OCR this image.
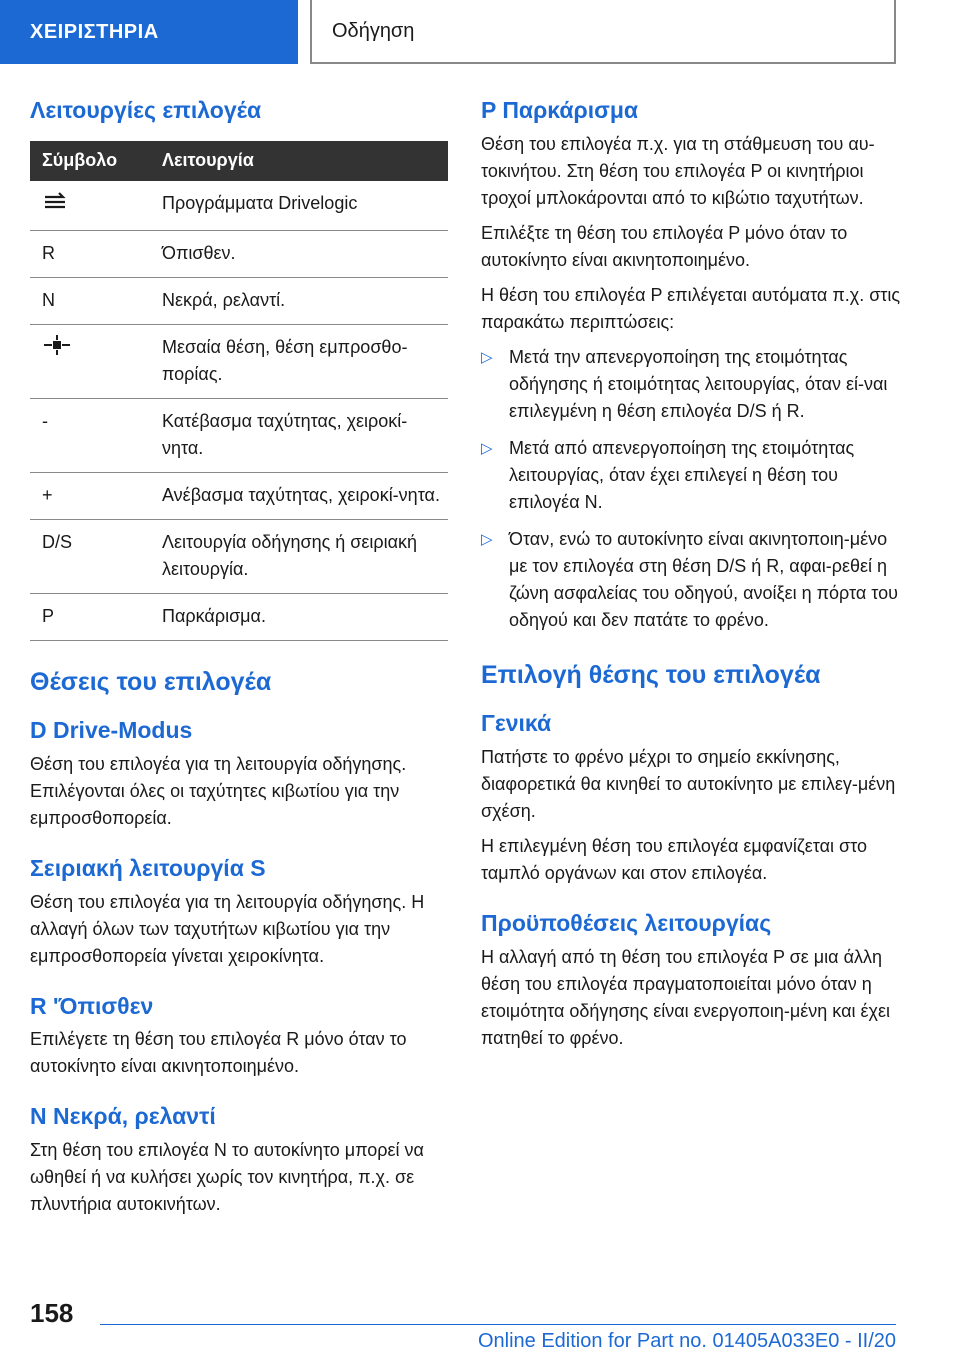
ΧΕΙΡΙΣΤΗΡΙΑ	Οδήγηση
Λειτουργίες επιλογέα
Σύμβολο	Λειτουργία
	Προγράμματα Drivelogic
R	Όπισθεν.
N	Νεκρά, ρελαντί.
	Μεσαία θέση, θέση εμπροσθο-πορίας.
-	Κατέβασμα ταχύτητας, χειροκί-νητα.
+	Ανέβασμα ταχύτητας, χειροκί-νητα.
D/S	Λειτουργία οδήγησης ή σειριακή λειτουργία.
P	Παρκάρισμα.
Θέσεις του επιλογέα
D Drive-Modus

Θέση του επιλογέα για τη λειτουργία οδήγησης. Επιλέγονται όλες οι ταχύτητες κιβωτίου για την εμπροσθοπορεία.

Σειριακή λειτουργία S

Θέση του επιλογέα για τη λειτουργία οδήγησης. Η αλλαγή όλων των ταχυτήτων κιβωτίου για την εμπροσθοπορεία γίνεται χειροκίνητα.

R 'Όπισθεν

Επιλέγετε τη θέση του επιλογέα R μόνο όταν το αυτοκίνητο είναι ακινητοποιημένο.

N Νεκρά, ρελαντί

Στη θέση του επιλογέα N το αυτοκίνητο μπορεί να ωθηθεί ή να κυλήσει χωρίς τον κινητήρα, π.χ. σε πλυντήρια αυτοκινήτων.

P Παρκάρισμα

Θέση του επιλογέα π.χ. για τη στάθμευση του αυ-τοκινήτου. Στη θέση του επιλογέα P οι κινητήριοι τροχοί μπλοκάρονται από το κιβώτιο ταχυτήτων.

Επιλέξτε τη θέση του επιλογέα P μόνο όταν το αυτοκίνητο είναι ακινητοποιημένο.

Η θέση του επιλογέα P επιλέγεται αυτόματα π.χ. στις παρακάτω περιπτώσεις:

▷ Μετά την απενεργοποίηση της ετοιμότητας οδήγησης ή ετοιμότητας λειτουργίας, όταν εί-ναι επιλεγμένη η θέση επιλογέα D/S ή R.
▷ Μετά από απενεργοποίηση της ετοιμότητας λειτουργίας, όταν έχει επιλεγεί η θέση του επιλογέα N.
▷ Όταν, ενώ το αυτοκίνητο είναι ακινητοποιη-μένο με τον επιλογέα στη θέση D/S ή R, αφαι-ρεθεί η ζώνη ασφαλείας του οδηγού, ανοίξει η πόρτα του οδηγού και δεν πατάτε το φρένο.
Επιλογή θέσης του επιλογέα
Γενικά

Πατήστε το φρένο μέχρι το σημείο εκκίνησης, διαφορετικά θα κινηθεί το αυτοκίνητο με επιλεγ-μένη σχέση.

Η επιλεγμένη θέση του επιλογέα εμφανίζεται στο ταμπλό οργάνων και στον επιλογέα.

Προϋποθέσεις λειτουργίας

Η αλλαγή από τη θέση του επιλογέα P σε μια άλλη θέση του επιλογέα πραγματοποιείται μόνο όταν η ετοιμότητα οδήγησης είναι ενεργοποιη-μένη και έχει πατηθεί το φρένο.

158
Online Edition for Part no. 01405A033E0 - II/20
